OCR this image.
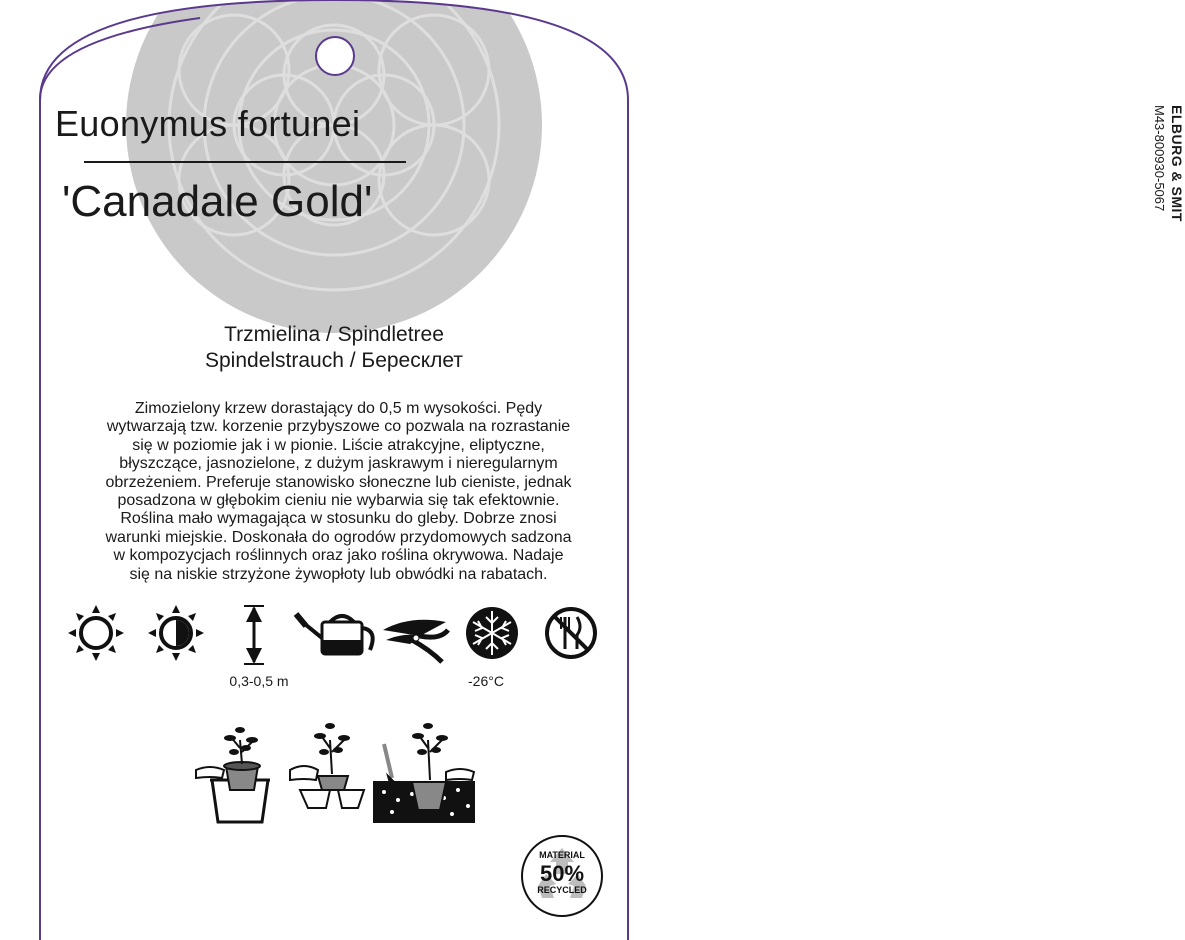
Euonymus fortunei
'Canadale Gold'	ELBURG & SMIT
M43-800930-5067
Trzmielina / Spindletree
Spindelstrauch / Бересклет
Zimozielony krzew dorastający do 0,5 m wysokości. Pędy
wytwarzają tzw. korzenie przybyszowe co pozwala na rozrastanie
się w poziomie jak i w pionie. Liście atrakcyjne, eliptyczne,
błyszczące, jasnozielone, z dużym jaskrawym i nieregularnym
obrzeżeniem. Preferuje stanowisko słoneczne lub cieniste, jednak
posadzona w głębokim cieniu nie wybarwia się tak efektownie.
Roślina mało wymagająca w stosunku do gleby. Dobrze znosi
warunki miejskie. Doskonała do ogrodów przydomowych sadzona
w kompozycjach roślinnych oraz jako roślina okrywowa. Nadaje
się na niskie strzyżone żywopłoty lub obwódki na rabatach.
0,3-0,5 m	-26°C
MATERIAL
50%
RECYCLED
